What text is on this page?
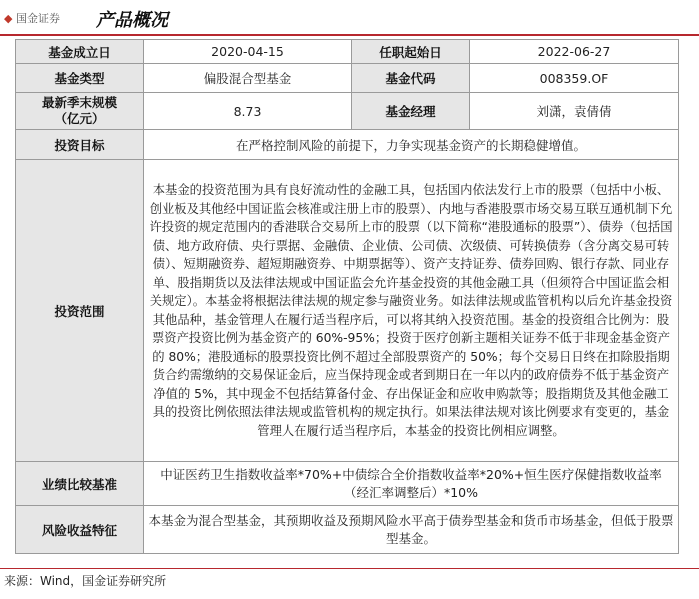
◆ 国金证券 产品概况
基金成立日	2020-04-15	任职起始日	2022-06-27
基金类型	偏股混合型基金	基金代码	008359.OF
最新季末规模
（亿元）	8.73	基金经理	刘潇，袁倩倩
投资目标	在严格控制风险的前提下，力争实现基金资产的长期稳健增值。		
投资范围	本基金的投资范围为具有良好流动性的金融工具，包括国内依法发行上市的股票（包括中小板、创业板及其他经中国证监会核准或注册上市的股票）、内地与香港股票市场交易互联互通机制下允许投资的规定范围内的香港联合交易所上市的股票（以下简称“港股通标的股票”）、债券（包括国债、地方政府债、央行票据、金融债、企业债、公司债、次级债、可转换债券（含分离交易可转债）、短期融资券、超短期融资券、中期票据等）、资产支持证券、债券回购、银行存款、同业存单、股指期货以及法律法规或中国证监会允许基金投资的其他金融工具（但须符合中国证监会相关规定）。本基金将根据法律法规的规定参与融资业务。如法律法规或监管机构以后允许基金投资其他品种，基金管理人在履行适当程序后，可以将其纳入投资范围。基金的投资组合比例为：股票资产投资比例为基金资产的 60%-95%；投资于医疗创新主题相关证券不低于非现金基金资产的 80%；港股通标的股票投资比例不超过全部股票资产的 50%；每个交易日日终在扣除股指期货合约需缴纳的交易保证金后，应当保持现金或者到期日在一年以内的政府债券不低于基金资产净值的 5%，其中现金不包括结算备付金、存出保证金和应收申购款等；股指期货及其他金融工具的投资比例依照法律法规或监管机构的规定执行。如果法律法规对该比例要求有变更的，基金管理人在履行适当程序后，本基金的投资比例相应调整。		
业绩比较基准	中证医药卫生指数收益率*70%+中债综合全价指数收益率*20%+恒生医疗保健指数收益率（经汇率调整后）*10%		
风险收益特征	本基金为混合型基金，其预期收益及预期风险水平高于债券型基金和货币市场基金，但低于股票型基金。		
来源：Wind，国金证券研究所
